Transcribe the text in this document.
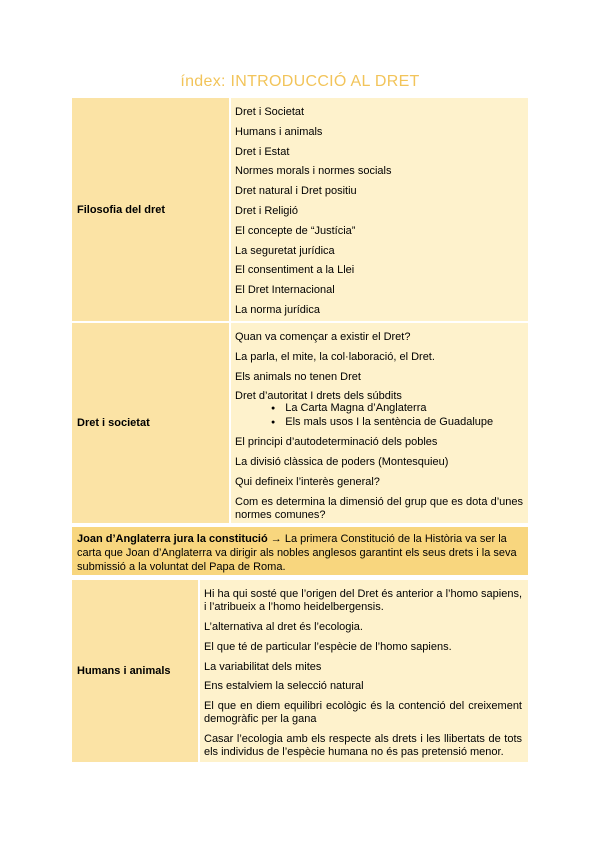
índex: INTRODUCCIÓ AL DRET
Filosofia del dret
Dret i Societat
Humans i animals
Dret i Estat
Normes morals i normes socials
Dret natural i Dret positiu
Dret i Religió
El concepte de “Justícia”
La seguretat jurídica
El consentiment a la Llei
El Dret Internacional
La norma jurídica
Dret i societat
Quan va començar a existir el Dret?
La parla, el mite, la col·laboració, el Dret.
Els animals no tenen Dret
Dret d’autoritat I drets dels súbdits
● La Carta Magna d’Anglaterra
● Els mals usos I la sentència de Guadalupe
El principi d’autodeterminació dels pobles
La divisió clàssica de poders (Montesquieu)
Qui defineix l’interès general?
Com es determina la dimensió del grup que es dota d’unes normes comunes?
Joan d’Anglaterra jura la constitució → La primera Constitució de la Història va ser la carta que Joan d’Anglaterra va dirigir als nobles anglesos garantint els seus drets i la seva submissió a la voluntat del Papa de Roma.
Humans i animals
Hi ha qui sosté que l’origen del Dret és anterior a l’homo sapiens, i l’atribueix a l’homo heidelbergensis.
L’alternativa al dret és l’ecologia.
El que té de particular l’espècie de l’homo sapiens.
La variabilitat dels mites
Ens estalviem la selecció natural
El que en diem equilibri ecològic és la contenció del creixement demogràfic per la gana
Casar l’ecologia amb els respecte als drets i les llibertats de tots els individus de l’espècie humana no és pas pretensió menor.
